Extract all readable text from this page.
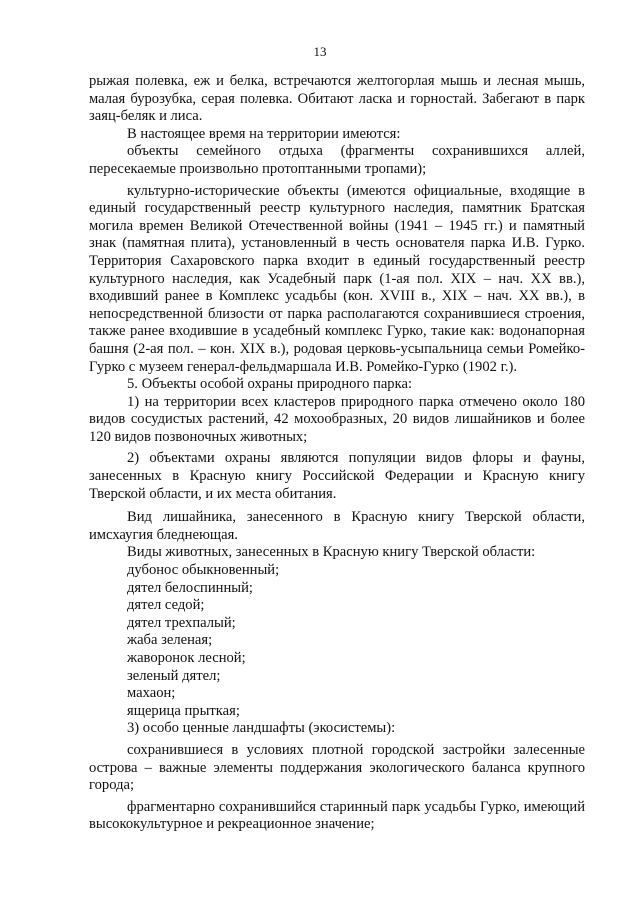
13

рыжая полевка, еж и белка, встречаются желтогорлая мышь и лесная мышь, малая бурозубка, серая полевка. Обитают ласка и горностай. Забегают в парк заяц-беляк и лиса.

В настоящее время на территории имеются:

объекты семейного отдыха (фрагменты сохранившихся аллей, пересекаемые произвольно протоптанными тропами);

культурно-исторические объекты (имеются официальные, входящие в единый государственный реестр культурного наследия, памятник Братская могила времен Великой Отечественной войны (1941 – 1945 гг.) и памятный знак (памятная плита), установленный в честь основателя парка И.В. Гурко. Территория Сахаровского парка входит в единый государственный реестр культурного наследия, как Усадебный парк (1-ая пол. XIX – нач. XX вв.), входивший ранее в Комплекс усадьбы (кон. XVIII в., XIX – нач. XX вв.), в непосредственной близости от парка располагаются сохранившиеся строения, также ранее входившие в усадебный комплекс Гурко, такие как: водонапорная башня (2-ая пол. – кон. XIX в.), родовая церковь-усыпальница семьи Ромейко-Гурко с музеем генерал-фельдмаршала И.В. Ромейко-Гурко (1902 г.).

5. Объекты особой охраны природного парка:

1) на территории всех кластеров природного парка отмечено около 180 видов сосудистых растений, 42 мохообразных, 20 видов лишайников и более 120 видов позвоночных животных;

2) объектами охраны являются популяции видов флоры и фауны, занесенных в Красную книгу Российской Федерации и Красную книгу Тверской области, и их места обитания.

Вид лишайника, занесенного в Красную книгу Тверской области, имсхаугия бледнеющая.

Виды животных, занесенных в Красную книгу Тверской области:

дубонос обыкновенный;

дятел белоспинный;

дятел седой;

дятел трехпалый;

жаба зеленая;

жаворонок лесной;

зеленый дятел;

махаон;

ящерица прыткая;

3) особо ценные ландшафты (экосистемы):

сохранившиеся в условиях плотной городской застройки залесенные острова – важные элементы поддержания экологического баланса крупного города;

фрагментарно сохранившийся старинный парк усадьбы Гурко, имеющий высококультурное и рекреационное значение;
